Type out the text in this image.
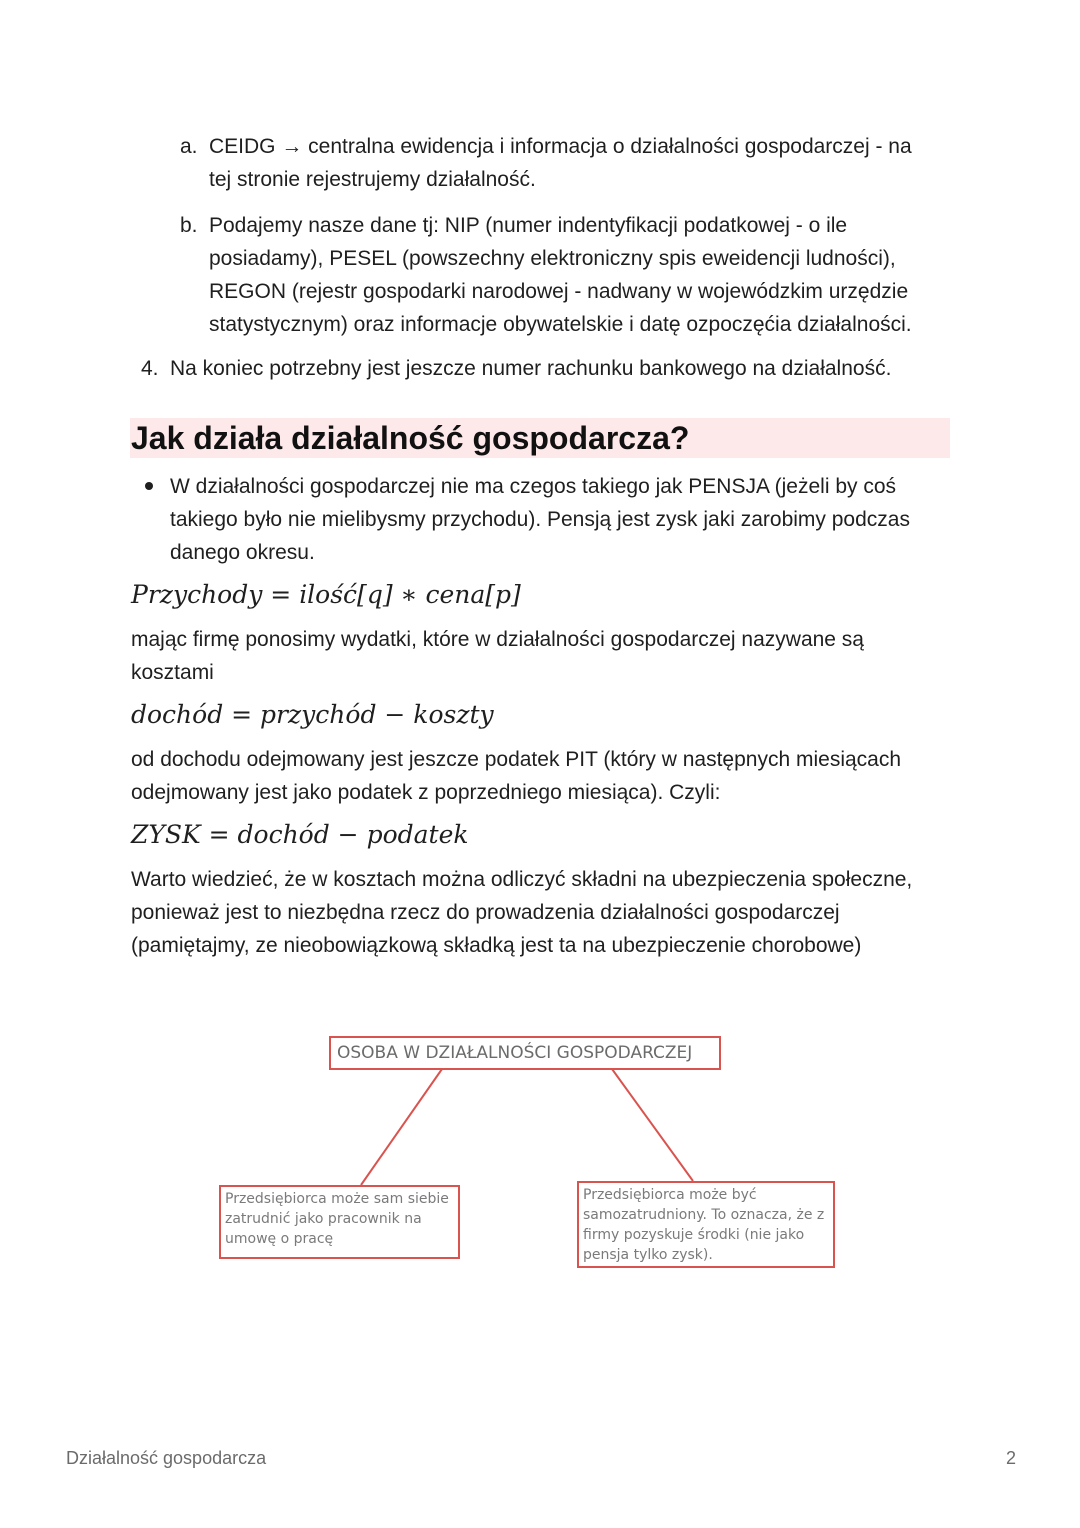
a. CEIDG → centralna ewidencja i informacja o działalności gospodarczej - na
tej stronie rejestrujemy działalność.
b. Podajemy nasze dane tj: NIP (numer indentyfikacji podatkowej - o ile
posiadamy), PESEL (powszechny elektroniczny spis eweidencji ludności),
REGON (rejestr gospodarki narodowej - nadwany w wojewódzkim urzędzie
statystycznym) oraz informacje obywatelskie i datę ozpoczęćia działalności.
4. Na koniec potrzebny jest jeszcze numer rachunku bankowego na działalność.
Jak działa działalność gospodarcza?
W działalności gospodarczej nie ma czegos takiego jak PENSJA (jeżeli by coś
takiego było nie mielibysmy przychodu). Pensją jest zysk jaki zarobimy podczas
danego okresu.
Przychody = ilość[q] ∗ cena[p]
mając firmę ponosimy wydatki, które w działalności gospodarczej nazywane są
kosztami
dochód = przychód − koszty
od dochodu odejmowany jest jeszcze podatek PIT (który w następnych miesiącach
odejmowany jest jako podatek z poprzedniego miesiąca). Czyli:
ZYSK = dochód − podatek
Warto wiedzieć, że w kosztach można odliczyć składni na ubezpieczenia społeczne,
ponieważ jest to niezbędna rzecz do prowadzenia działalności gospodarczej
(pamiętajmy, ze nieobowiązkową składką jest ta na ubezpieczenie chorobowe)
OSOBA W DZIAŁALNOŚCI GOSPODARCZEJ
Przedsiębiorca może sam siebie
zatrudnić jako pracownik na
umowę o pracę
Przedsiębiorca może być
samozatrudniony. To oznacza, że z
firmy pozyskuje środki (nie jako
pensja tylko zysk).
Działalność gospodarcza	2
